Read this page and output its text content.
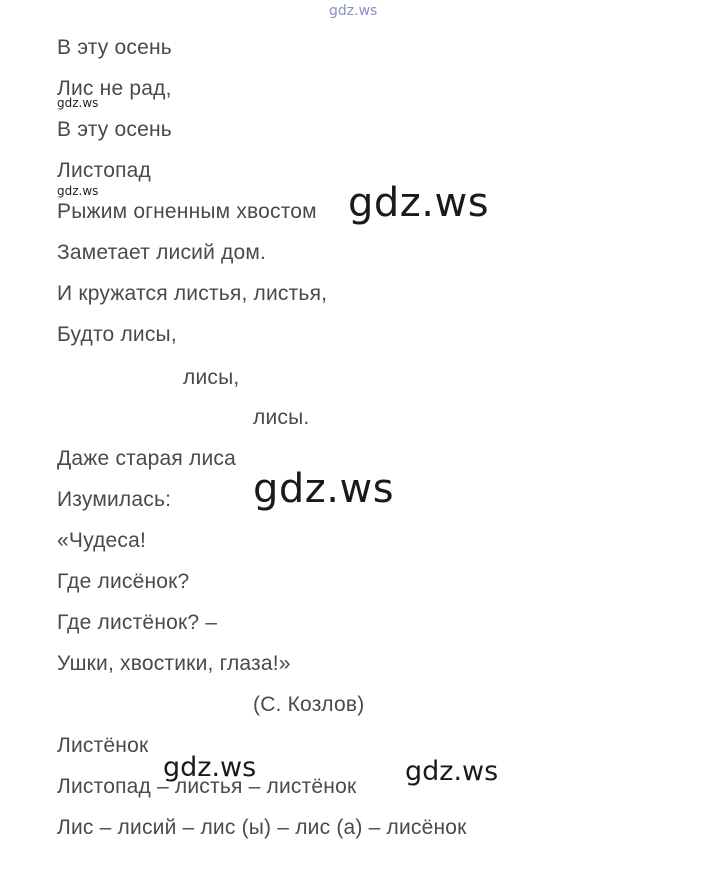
gdz.ws
В эту осень
Лис не рад,
gdz.ws
В эту осень
Листопад
gdz.ws
Рыжим огненным хвостом gdz.ws
Заметает лисий дом.
И кружатся листья, листья,
Будто лисы,
лисы,
лисы.
Даже старая лиса
Изумилась: gdz.ws
«Чудеса!
Где лисёнок?
Где листёнок? –
Ушки, хвостики, глаза!»
(С. Козлов)
Листёнок
Листопад – листья – листёнок
gdz.ws	gdz.ws
Лис – лисий – лис (ы) – лис (а) – лисёнок
